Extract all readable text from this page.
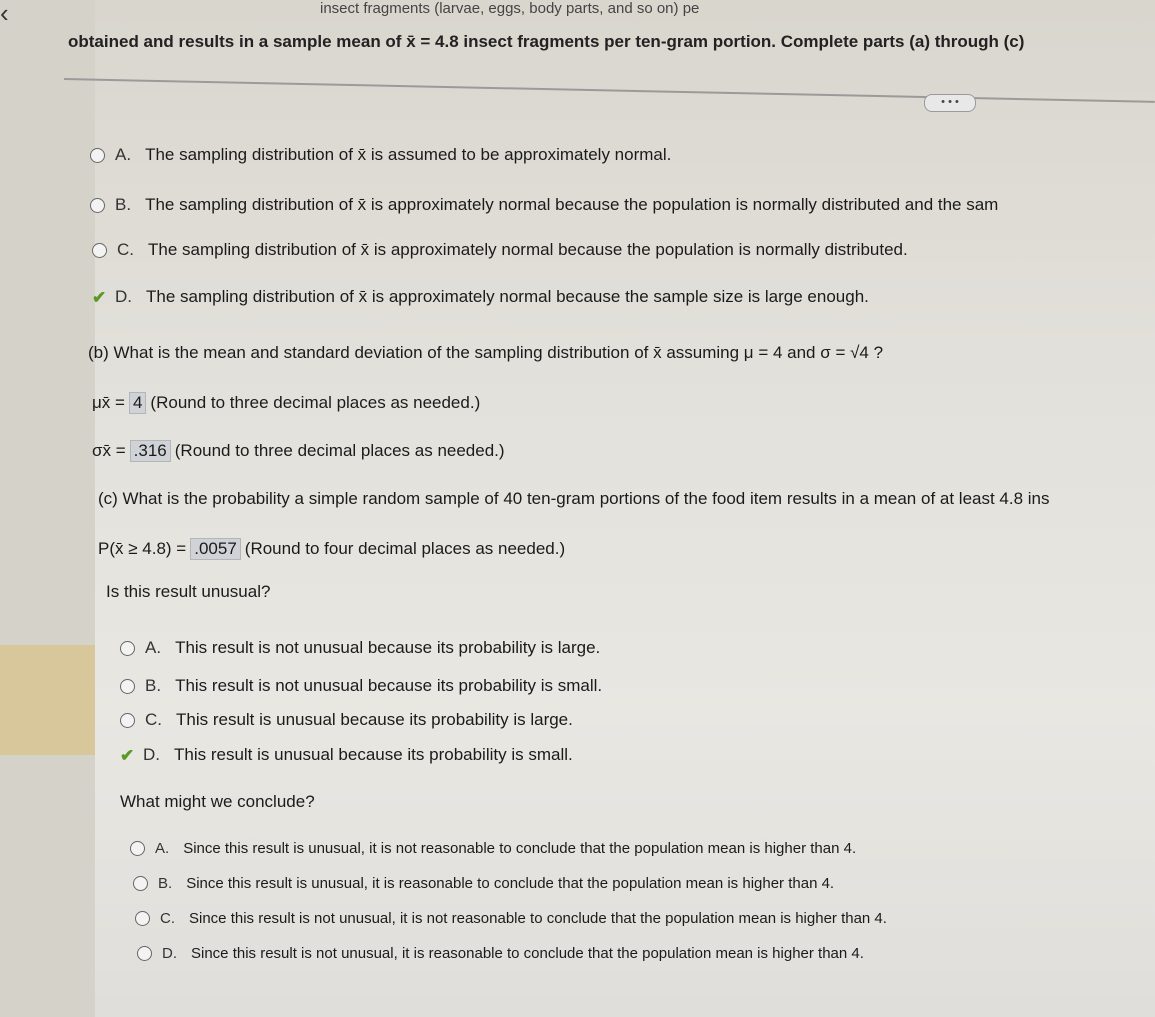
‹	insect fragments (larvae, eggs, body parts, and so on) pe
obtained and results in a sample mean of x̄ = 4.8 insect fragments per ten-gram portion. Complete parts (a) through (c)
• • •
A. The sampling distribution of x̄ is assumed to be approximately normal.
B. The sampling distribution of x̄ is approximately normal because the population is normally distributed and the sam
C. The sampling distribution of x̄ is approximately normal because the population is normally distributed.
✔ D. The sampling distribution of x̄ is approximately normal because the sample size is large enough.
(b) What is the mean and standard deviation of the sampling distribution of x̄ assuming μ = 4 and σ = √4 ?
μx̄ = 4 (Round to three decimal places as needed.)
σx̄ = .316 (Round to three decimal places as needed.)
(c) What is the probability a simple random sample of 40 ten-gram portions of the food item results in a mean of at least 4.8 ins
P(x̄ ≥ 4.8) = .0057 (Round to four decimal places as needed.)
Is this result unusual?
A. This result is not unusual because its probability is large.
B. This result is not unusual because its probability is small.
C. This result is unusual because its probability is large.
✔ D. This result is unusual because its probability is small.
What might we conclude?
A. Since this result is unusual, it is not reasonable to conclude that the population mean is higher than 4.
B. Since this result is unusual, it is reasonable to conclude that the population mean is higher than 4.
C. Since this result is not unusual, it is not reasonable to conclude that the population mean is higher than 4.
D. Since this result is not unusual, it is reasonable to conclude that the population mean is higher than 4.
